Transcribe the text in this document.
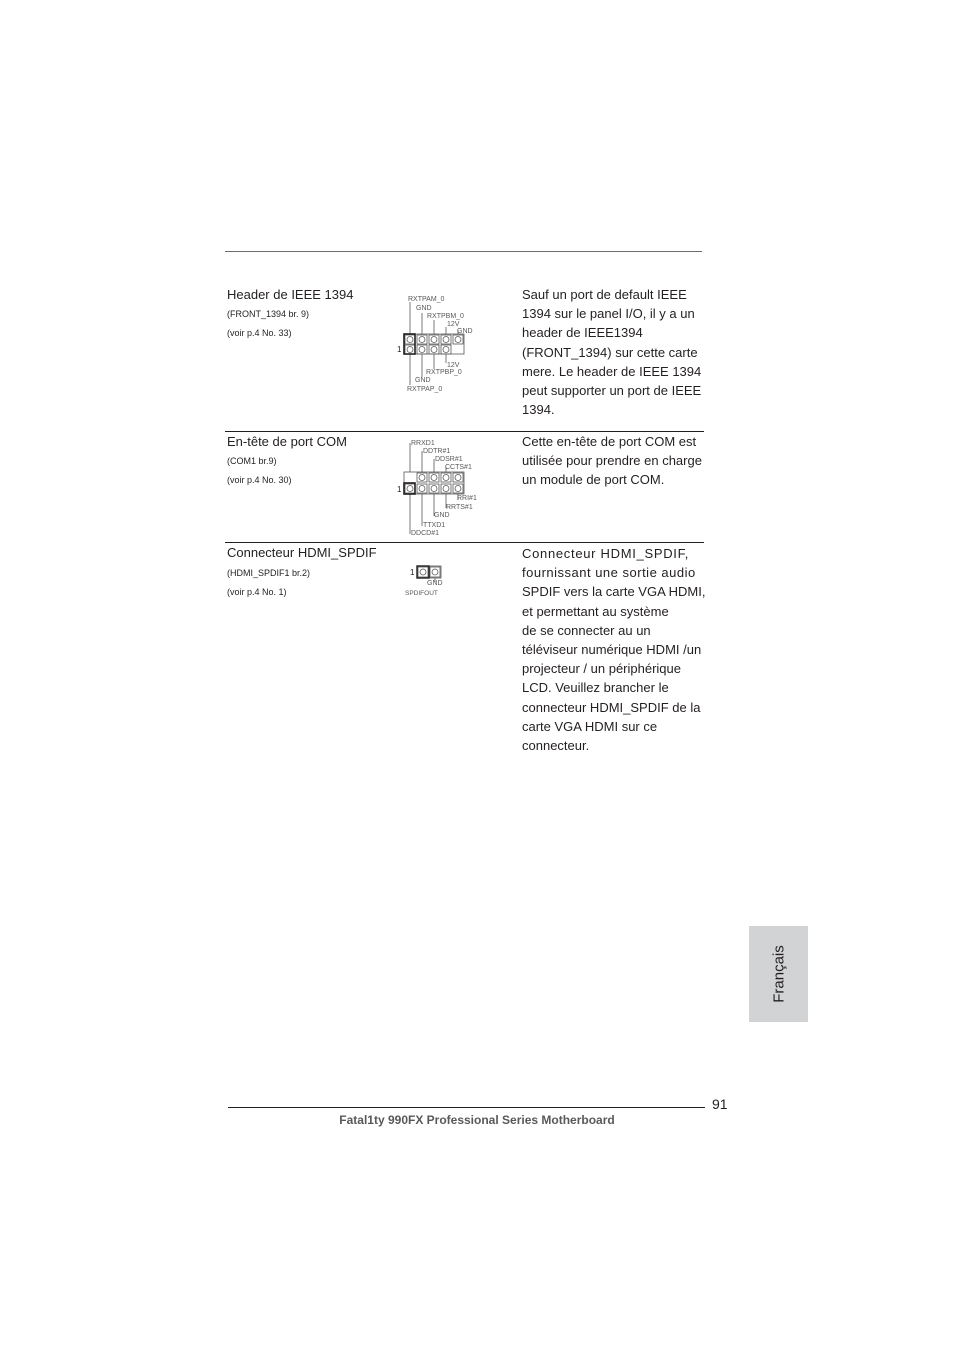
Header de IEEE 1394
(FRONT_1394 br. 9)
(voir p.4 No. 33)
1
RXTPAM_0
GND
RXTPBM_0
12V
GND
12V
RXTPBP_0
GND
RXTPAP_0
Sauf un port de default IEEE
1394 sur le panel I/O, il y a un
header de IEEE1394
(FRONT_1394) sur cette carte
mere. Le header de IEEE 1394
peut supporter un port de IEEE
1394.
En-tête de port COM
(COM1 br.9)
(voir p.4 No. 30)
1
RRXD1
DDTR#1
DDSR#1
CCTS#1
RRI#1
RRTS#1
GND
TTXD1
DDCD#1
Cette en-tête de port COM est
utilisée pour prendre en charge
un module de port COM.
Connecteur HDMI_SPDIF
(HDMI_SPDIF1 br.2)
(voir p.4 No. 1)
1
GND
SPDIFOUT
Connecteur HDMI_SPDIF,
fournissant une sortie audio
SPDIF vers la carte VGA HDMI,
et permettant au système
de se connecter au un
téléviseur numérique HDMI /un
projecteur / un périphérique
LCD. Veuillez brancher le
connecteur HDMI_SPDIF de la
carte VGA HDMI sur ce
connecteur.
Français
91
Fatal1ty 990FX Professional Series Motherboard
